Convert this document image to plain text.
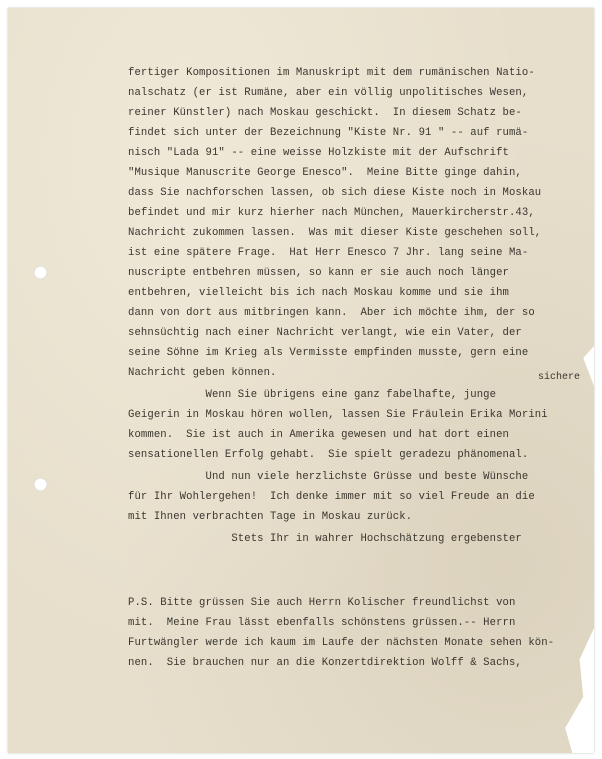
fertiger Kompositionen im Manuskript mit dem rumänischen Natio-
nalschatz (er ist Rumäne, aber ein völlig unpolitisches Wesen,
reiner Künstler) nach Moskau geschickt.  In diesem Schatz be-
findet sich unter der Bezeichnung "Kiste Nr. 91 " -- auf rumä-
nisch "Lada 91" -- eine weisse Holzkiste mit der Aufschrift
"Musique Manuscrite George Enesco".  Meine Bitte ginge dahin,
dass Sie nachforschen lassen, ob sich diese Kiste noch in Moskau
befindet und mir kurz hierher nach München, Mauerkircherstr.43,
Nachricht zukommen lassen.  Was mit dieser Kiste geschehen soll,
ist eine spätere Frage.  Hat Herr Enesco 7 Jhr. lang seine Ma-
nuscripte entbehren müssen, so kann er sie auch noch länger
entbehren, vielleicht bis ich nach Moskau komme und sie ihm
dann von dort aus mitbringen kann.  Aber ich möchte ihm, der so
sehnsüchtig nach einer Nachricht verlangt, wie ein Vater, der
seine Söhne im Krieg als Vermisste empfinden musste, gern eine
Nachricht geben können.
Wenn Sie übrigens eine ganz fabelhafte, junge
Geigerin in Moskau hören wollen, lassen Sie Fräulein Erika Morini
kommen.  Sie ist auch in Amerika gewesen und hat dort einen
sensationellen Erfolg gehabt.  Sie spielt geradezu phänomenal.
Und nun viele herzlichste Grüsse und beste Wünsche
für Ihr Wohlergehen!  Ich denke immer mit so viel Freude an die
mit Ihnen verbrachten Tage in Moskau zurück.
Stets Ihr in wahrer Hochschätzung ergebenster
P.S. Bitte grüssen Sie auch Herrn Kolischer freundlichst von
mit.  Meine Frau lässt ebenfalls schönstens grüssen.-- Herrn
Furtwängler werde ich kaum im Laufe der nächsten Monate sehen kön-
nen.  Sie brauchen nur an die Konzertdirektion Wolff & Sachs,
sichere
